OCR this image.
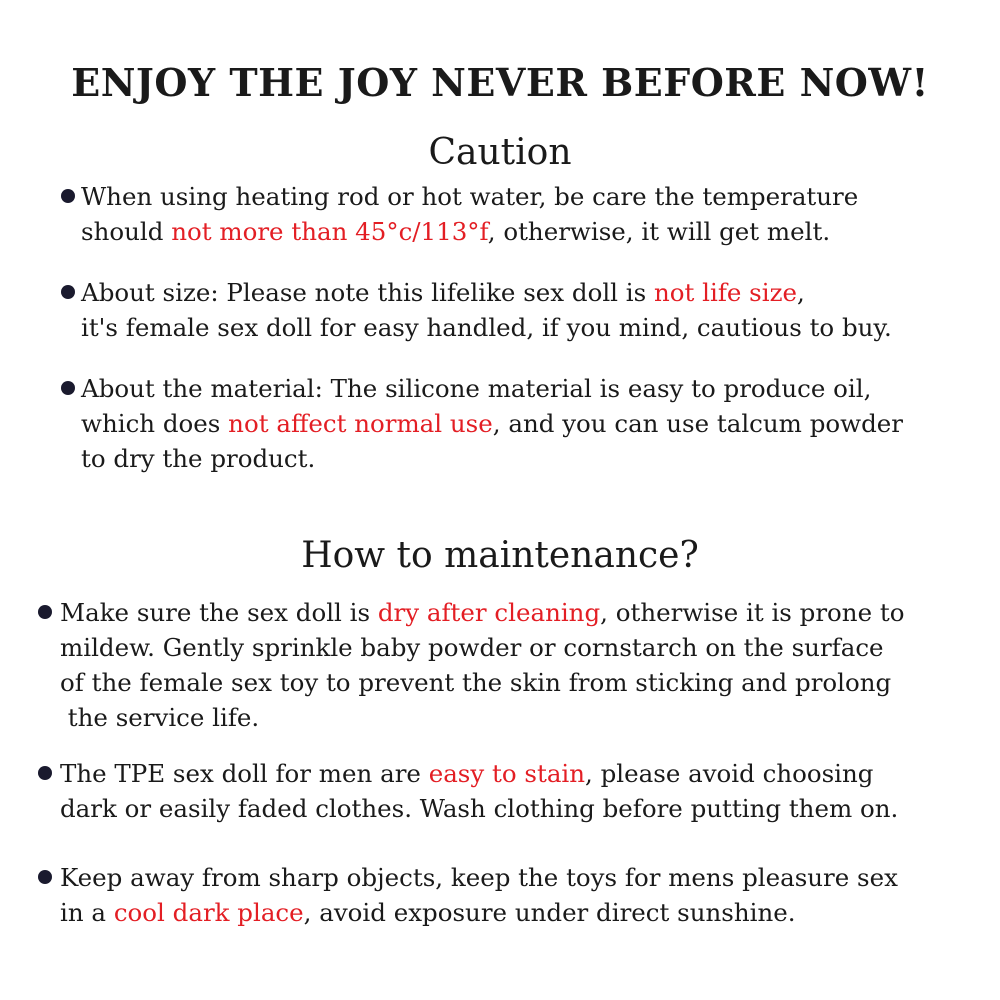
ENJOY THE JOY NEVER BEFORE NOW!
Caution

When using heating rod or hot water, be care the temperature

should not more than 45°c/113°f, otherwise, it will get melt.

About size: Please note this lifelike sex doll is not life size,

it's female sex doll for easy handled, if you mind, cautious to buy.

About the material: The silicone material is easy to produce oil,

which does not affect normal use, and you can use talcum powder

to dry the product.

How to maintenance?

Make sure the sex doll is dry after cleaning, otherwise it is prone to

mildew. Gently sprinkle baby powder or cornstarch on the surface

of the female sex toy to prevent the skin from sticking and prolong

the service life.

The TPE sex doll for men are easy to stain, please avoid choosing

dark or easily faded clothes. Wash clothing before putting them on.

Keep away from sharp objects, keep the toys for mens pleasure sex

in a cool dark place, avoid exposure under direct sunshine.
